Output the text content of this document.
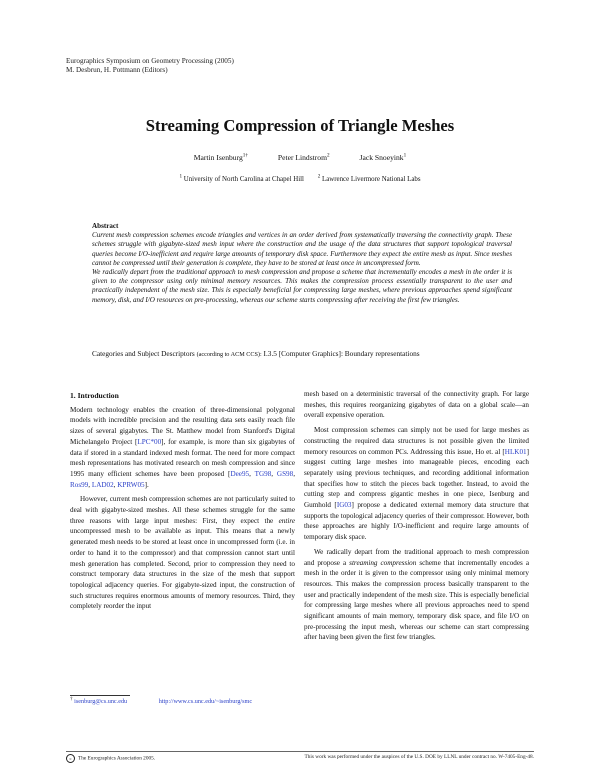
Eurographics Symposium on Geometry Processing (2005)
M. Desbrun, H. Pottmann (Editors)
Streaming Compression of Triangle Meshes
Martin Isenburg$^{1\dagger}$	Peter Lindstrom$^2$	Jack Snoeyink$^1$
$^1$ University of North Carolina at Chapel Hill	$^2$ Lawrence Livermore National Labs
Abstract
Current mesh compression schemes encode triangles and vertices in an order derived from systematically traversing the connectivity graph. These schemes struggle with gigabyte-sized mesh input where the construction and the usage of the data structures that support topological traversal queries become I/O-inefficient and require large amounts of temporary disk space. Furthermore they expect the entire mesh as input. Since meshes cannot be compressed until their generation is complete, they have to be stored at least once in uncompressed form.
We radically depart from the traditional approach to mesh compression and propose a scheme that incrementally encodes a mesh in the order it is given to the compressor using only minimal memory resources. This makes the compression process essentially transparent to the user and practically independent of the mesh size. This is especially beneficial for compressing large meshes, where previous approaches spend significant memory, disk, and I/O resources on pre-processing, whereas our scheme starts compressing after receiving the first few triangles.
Categories and Subject Descriptors (according to ACM CCS): I.3.5 [Computer Graphics]: Boundary representations
1. Introduction

Modern technology enables the creation of three-dimensional polygonal models with incredible precision and the resulting data sets easily reach file sizes of several gigabytes. The St. Matthew model from Stanford's Digital Michelangelo Project [LPC*00], for example, is more than six gigabytes of data if stored in a standard indexed mesh format. The need for more compact mesh representations has motivated research on mesh compression and since 1995 many efficient schemes have been proposed [Dee95, TG98, GS98, Ros99, LAD02, KPRW05].

However, current mesh compression schemes are not particularly suited to deal with gigabyte-sized meshes. All these schemes struggle for the same three reasons with large input meshes: First, they expect the entire uncompressed mesh to be available as input. This means that a newly generated mesh needs to be stored at least once in uncompressed form (i.e. in order to hand it to the compressor) and that compression cannot start until mesh generation has completed. Second, prior to compression they need to construct temporary data structures in the size of the mesh that support topological adjacency queries. For gigabyte-sized input, the construction of such structures requires enormous amounts of memory resources. Third, they completely reorder the input

mesh based on a deterministic traversal of the connectivity graph. For large meshes, this requires reorganizing gigabytes of data on a global scale—an overall expensive operation.

Most compression schemes can simply not be used for large meshes as constructing the required data structures is not possible given the limited memory resources on common PCs. Addressing this issue, Ho et. al [HLK01] suggest cutting large meshes into manageable pieces, encoding each separately using previous techniques, and recording additional information that specifies how to stitch the pieces back together. Instead, to avoid the cutting step and compress gigantic meshes in one piece, Isenburg and Gumhold [IG03] propose a dedicated external memory data structure that supports the topological adjacency queries of their compressor. However, both these approaches are highly I/O-inefficient and require large amounts of temporary disk space.

We radically depart from the traditional approach to mesh compression and propose a streaming compression scheme that incrementally encodes a mesh in the order it is given to the compressor using only minimal memory resources. This makes the compression process basically transparent to the user and practically independent of the mesh size. This is especially beneficial for compressing large meshes where all previous approaches need to spend significant amounts of main memory, temporary disk space, and file I/O on pre-processing the input mesh, whereas our scheme can start compressing after having been given the first few triangles.

† isenburg@cs.unc.edu	http://www.cs.unc.edu/~isenburg/smc
c The Eurographics Association 2005.	This work was performed under the auspices of the U.S. DOE by LLNL under contract no. W-7405-Eng-48.
